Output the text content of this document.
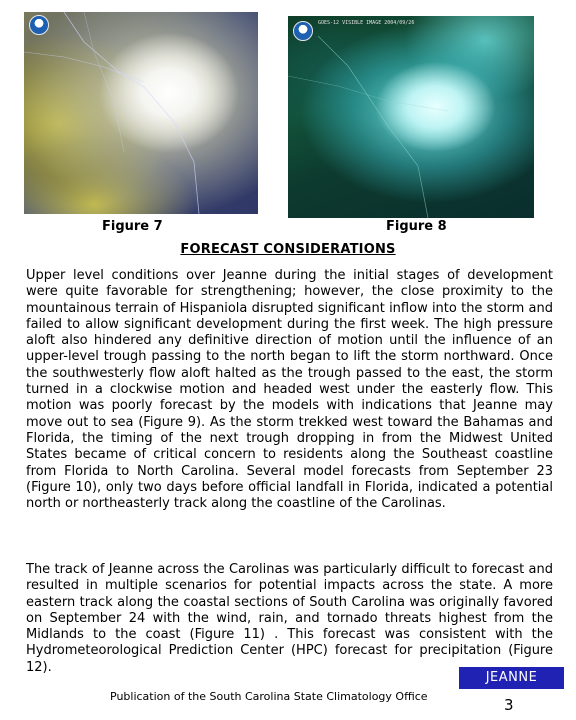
GOES-12 VISIBLE IMAGE 2004/09/26
Figure 7	Figure 8
FORECAST CONSIDERATIONS

Upper level conditions over Jeanne during the initial stages of development were quite favorable for strengthening; however, the close proximity to the mountainous terrain of Hispaniola disrupted significant inflow into the storm and failed to allow significant development during the first week. The high pressure aloft also hindered any definitive direction of motion until the influence of an upper-level trough passing to the north began to lift the storm northward. Once the southwesterly flow aloft halted as the trough passed to the east, the storm turned in a clockwise motion and headed west under the easterly flow. This motion was poorly forecast by the models with indications that Jeanne may move out to sea (Figure 9). As the storm trekked west toward the Bahamas and Florida, the timing of the next trough dropping in from the Midwest United States became of critical concern to residents along the Southeast coastline from Florida to North Carolina. Several model forecasts from September 23 (Figure 10), only two days before official landfall in Florida, indicated a potential north or northeasterly track along the coastline of the Carolinas.

The track of Jeanne across the Carolinas was particularly difficult to forecast and resulted in multiple scenarios for potential impacts across the state. A more eastern track along the coastal sections of South Carolina was originally favored on September 24 with the wind, rain, and tornado threats highest from the Midlands to the coast (Figure 11) . This forecast was consistent with the Hydrometeorological Prediction Center (HPC) forecast for precipitation (Figure 12).

JEANNE
Publication of the South Carolina State Climatology Office	3
